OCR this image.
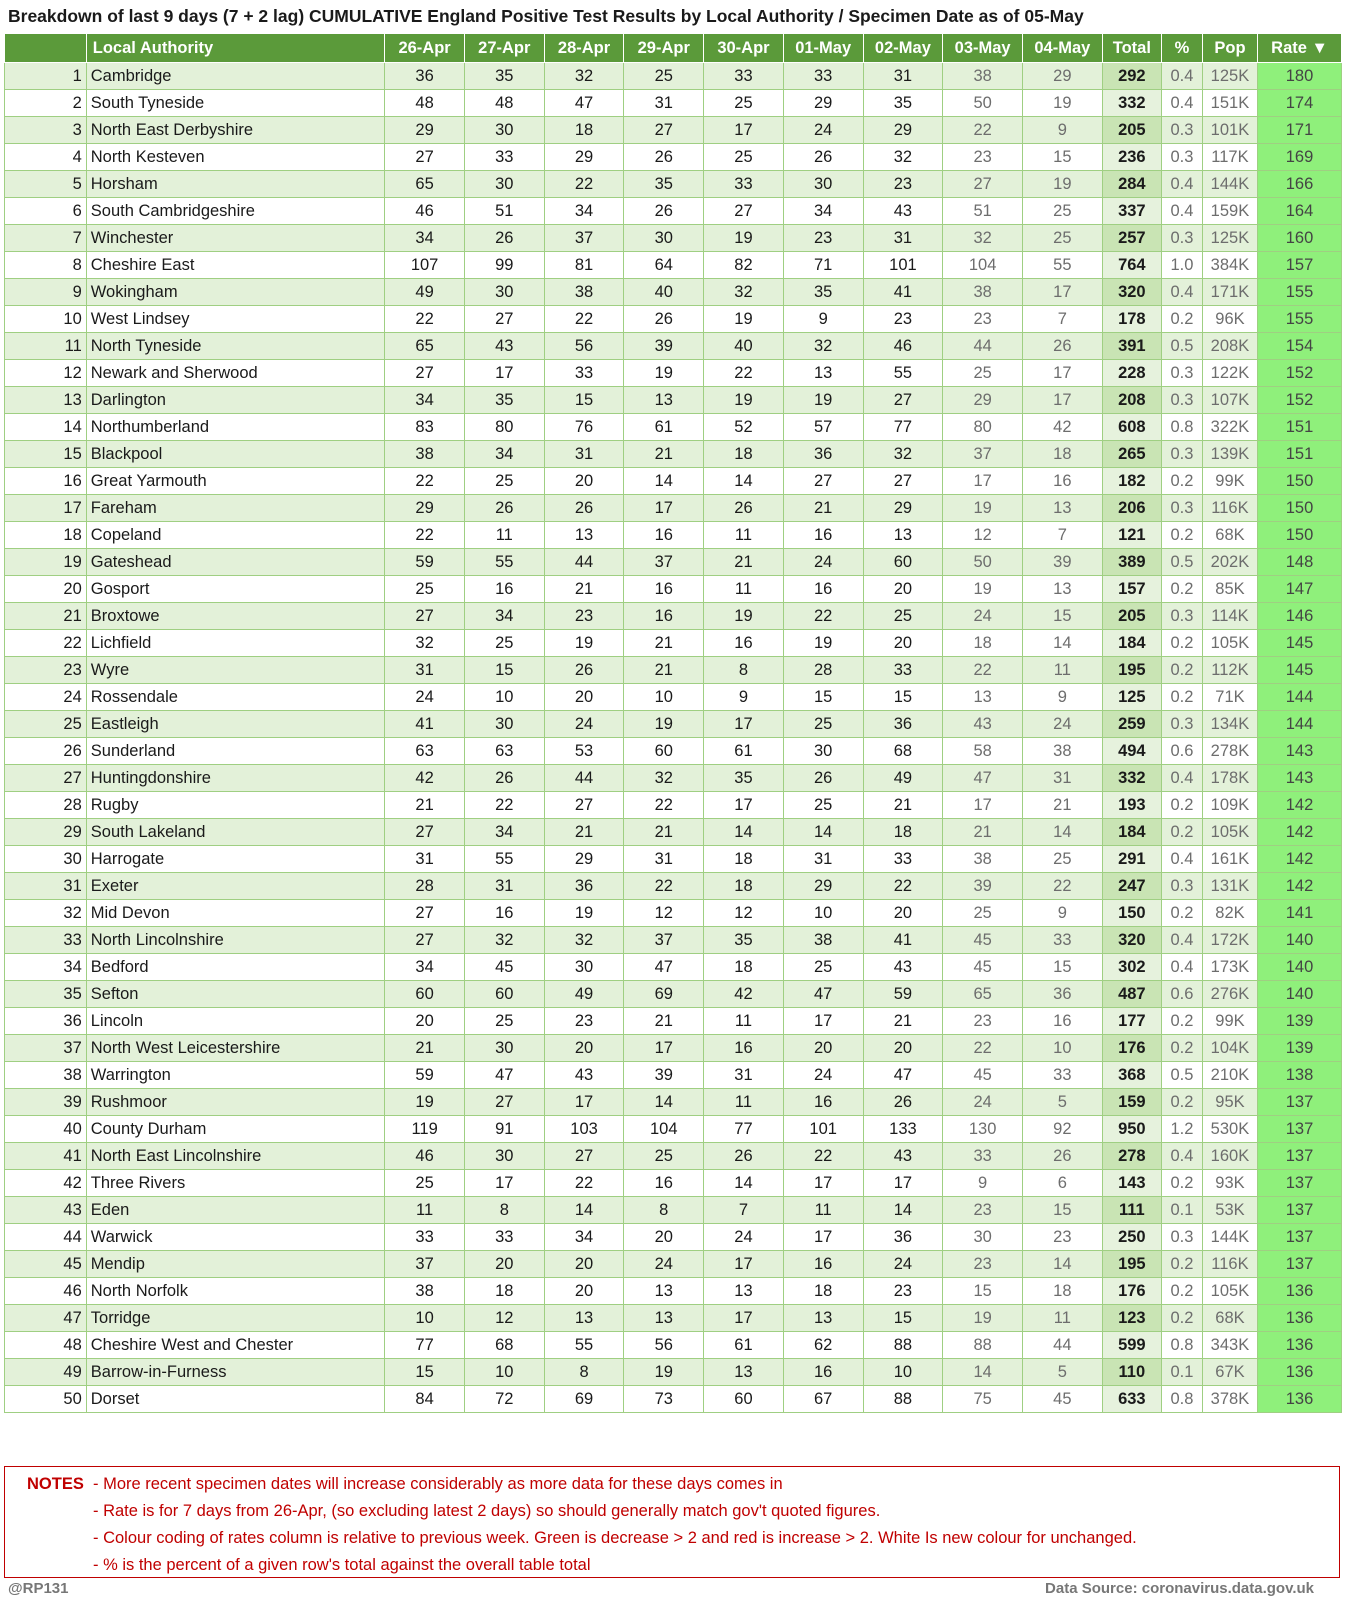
Breakdown of last 9 days (7 + 2 lag) CUMULATIVE England Positive Test Results by Local Authority / Specimen Date as of 05-May
	Local Authority	26-Apr	27-Apr	28-Apr	29-Apr	30-Apr	01-May	02-May	03-May	04-May	Total	%	Pop	Rate ▼
1	Cambridge	36	35	32	25	33	33	31	38	29	292	0.4	125K	180
2	South Tyneside	48	48	47	31	25	29	35	50	19	332	0.4	151K	174
3	North East Derbyshire	29	30	18	27	17	24	29	22	9	205	0.3	101K	171
4	North Kesteven	27	33	29	26	25	26	32	23	15	236	0.3	117K	169
5	Horsham	65	30	22	35	33	30	23	27	19	284	0.4	144K	166
6	South Cambridgeshire	46	51	34	26	27	34	43	51	25	337	0.4	159K	164
7	Winchester	34	26	37	30	19	23	31	32	25	257	0.3	125K	160
8	Cheshire East	107	99	81	64	82	71	101	104	55	764	1.0	384K	157
9	Wokingham	49	30	38	40	32	35	41	38	17	320	0.4	171K	155
10	West Lindsey	22	27	22	26	19	9	23	23	7	178	0.2	96K	155
11	North Tyneside	65	43	56	39	40	32	46	44	26	391	0.5	208K	154
12	Newark and Sherwood	27	17	33	19	22	13	55	25	17	228	0.3	122K	152
13	Darlington	34	35	15	13	19	19	27	29	17	208	0.3	107K	152
14	Northumberland	83	80	76	61	52	57	77	80	42	608	0.8	322K	151
15	Blackpool	38	34	31	21	18	36	32	37	18	265	0.3	139K	151
16	Great Yarmouth	22	25	20	14	14	27	27	17	16	182	0.2	99K	150
17	Fareham	29	26	26	17	26	21	29	19	13	206	0.3	116K	150
18	Copeland	22	11	13	16	11	16	13	12	7	121	0.2	68K	150
19	Gateshead	59	55	44	37	21	24	60	50	39	389	0.5	202K	148
20	Gosport	25	16	21	16	11	16	20	19	13	157	0.2	85K	147
21	Broxtowe	27	34	23	16	19	22	25	24	15	205	0.3	114K	146
22	Lichfield	32	25	19	21	16	19	20	18	14	184	0.2	105K	145
23	Wyre	31	15	26	21	8	28	33	22	11	195	0.2	112K	145
24	Rossendale	24	10	20	10	9	15	15	13	9	125	0.2	71K	144
25	Eastleigh	41	30	24	19	17	25	36	43	24	259	0.3	134K	144
26	Sunderland	63	63	53	60	61	30	68	58	38	494	0.6	278K	143
27	Huntingdonshire	42	26	44	32	35	26	49	47	31	332	0.4	178K	143
28	Rugby	21	22	27	22	17	25	21	17	21	193	0.2	109K	142
29	South Lakeland	27	34	21	21	14	14	18	21	14	184	0.2	105K	142
30	Harrogate	31	55	29	31	18	31	33	38	25	291	0.4	161K	142
31	Exeter	28	31	36	22	18	29	22	39	22	247	0.3	131K	142
32	Mid Devon	27	16	19	12	12	10	20	25	9	150	0.2	82K	141
33	North Lincolnshire	27	32	32	37	35	38	41	45	33	320	0.4	172K	140
34	Bedford	34	45	30	47	18	25	43	45	15	302	0.4	173K	140
35	Sefton	60	60	49	69	42	47	59	65	36	487	0.6	276K	140
36	Lincoln	20	25	23	21	11	17	21	23	16	177	0.2	99K	139
37	North West Leicestershire	21	30	20	17	16	20	20	22	10	176	0.2	104K	139
38	Warrington	59	47	43	39	31	24	47	45	33	368	0.5	210K	138
39	Rushmoor	19	27	17	14	11	16	26	24	5	159	0.2	95K	137
40	County Durham	119	91	103	104	77	101	133	130	92	950	1.2	530K	137
41	North East Lincolnshire	46	30	27	25	26	22	43	33	26	278	0.4	160K	137
42	Three Rivers	25	17	22	16	14	17	17	9	6	143	0.2	93K	137
43	Eden	11	8	14	8	7	11	14	23	15	111	0.1	53K	137
44	Warwick	33	33	34	20	24	17	36	30	23	250	0.3	144K	137
45	Mendip	37	20	20	24	17	16	24	23	14	195	0.2	116K	137
46	North Norfolk	38	18	20	13	13	18	23	15	18	176	0.2	105K	136
47	Torridge	10	12	13	13	17	13	15	19	11	123	0.2	68K	136
48	Cheshire West and Chester	77	68	55	56	61	62	88	88	44	599	0.8	343K	136
49	Barrow-in-Furness	15	10	8	19	13	16	10	14	5	110	0.1	67K	136
50	Dorset	84	72	69	73	60	67	88	75	45	633	0.8	378K	136
NOTES - More recent specimen dates will increase considerably as more data for these days comes in
- Rate is for 7 days from 26-Apr, (so excluding latest 2 days) so should generally match gov't quoted figures.
- Colour coding of rates column is relative to previous week. Green is decrease > 2 and red is increase > 2. White Is new colour for unchanged.
- % is the percent of a given row's total against the overall table total
@RP131	Data Source: coronavirus.data.gov.uk
